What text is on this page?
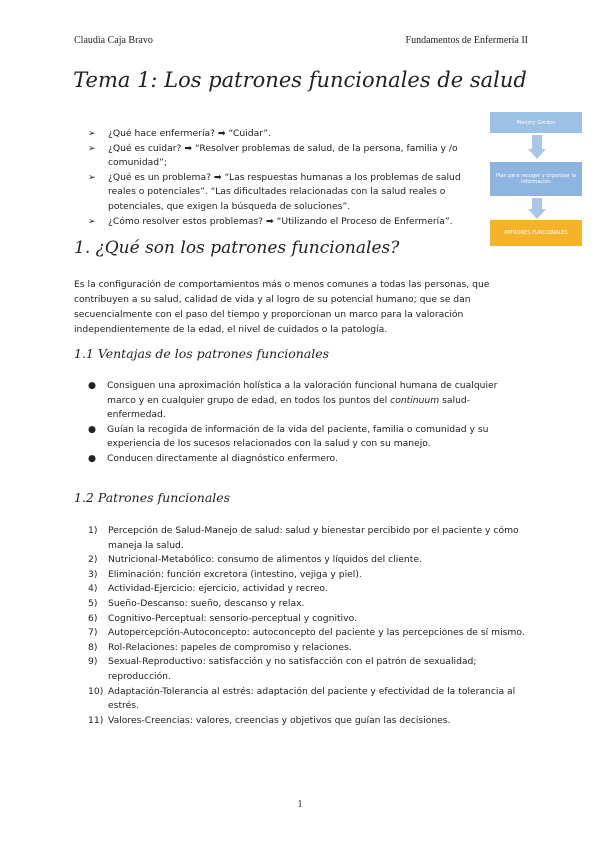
Claudia Caja Bravo	Fundamentos de Enfermería II
Tema 1: Los patrones funcionales de salud
➢ ¿Qué hace enfermería? ➡ “Cuidar”.
➢ ¿Qué es cuidar? ➡ “Resolver problemas de salud, de la persona, familia y /o comunidad”;
➢ ¿Qué es un problema? ➡ “Las respuestas humanas a los problemas de salud reales o potenciales”. “Las dificultades relacionadas con la salud reales o potenciales, que exigen la búsqueda de soluciones”.
➢ ¿Cómo resolver estos problemas? ➡ “Utilizando el Proceso de Enfermería”.
Marjory Gordon
Plan para recoger y organizar la información
PATRONES FUNCIONALES
1. ¿Qué son los patrones funcionales?

Es la configuración de comportamientos más o menos comunes a todas las personas, que contribuyen a su salud, calidad de vida y al logro de su potencial humano; que se dan secuencialmente con el paso del tiempo y proporcionan un marco para la valoración independientemente de la edad, el nivel de cuidados o la patología.

1.1 Ventajas de los patrones funcionales
● Consiguen una aproximación holística a la valoración funcional humana de cualquier marco y en cualquier grupo de edad, en todos los puntos del continuum salud-enfermedad.
● Guían la recogida de información de la vida del paciente, familia o comunidad y su experiencia de los sucesos relacionados con la salud y con su manejo.
● Conducen directamente al diagnóstico enfermero.
1.2 Patrones funcionales
1) Percepción de Salud-Manejo de salud: salud y bienestar percibido por el paciente y cómo maneja la salud.
2) Nutricional-Metabólico: consumo de alimentos y líquidos del cliente.
3) Eliminación: función excretora (intestino, vejiga y piel).
4) Actividad-Ejercicio: ejercicio, actividad y recreo.
5) Sueño-Descanso: sueño, descanso y relax.
6) Cognitivo-Perceptual: sensorio-perceptual y cognitivo.
7) Autopercepción-Autoconcepto: autoconcepto del paciente y las percepciones de sí mismo.
8) Rol-Relaciones: papeles de compromiso y relaciones.
9) Sexual-Reproductivo: satisfacción y no satisfacción con el patrón de sexualidad; reproducción.
10) Adaptación-Tolerancia al estrés: adaptación del paciente y efectividad de la tolerancia al estrés.
11) Valores-Creencias: valores, creencias y objetivos que guían las decisiones.
1
